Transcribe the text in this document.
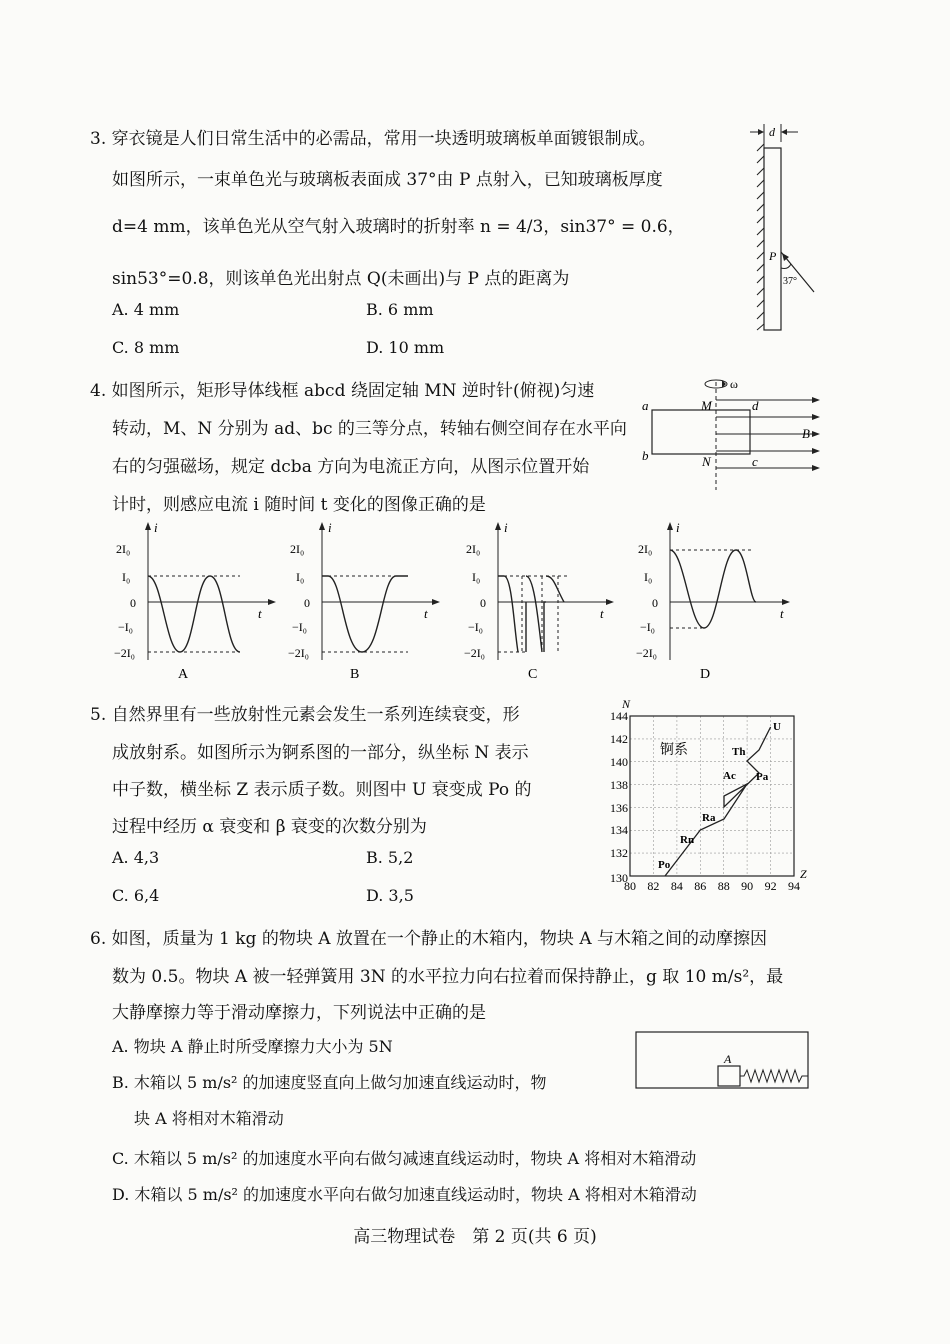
3. 穿衣镜是人们日常生活中的必需品，常用一块透明玻璃板单面镀银制成。
如图所示，一束单色光与玻璃板表面成 37°由 P 点射入，已知玻璃板厚度
d=4 mm，该单色光从空气射入玻璃时的折射率 n = 4/3，sin37° = 0.6，
sin53°=0.8，则该单色光出射点 Q(未画出)与 P 点的距离为
A. 4 mm	B. 6 mm
C. 8 mm	D. 10 mm
d
P
37°
4. 如图所示，矩形导体线框 abcd 绕固定轴 MN 逆时针(俯视)匀速
转动，M、N 分别为 ad、bc 的三等分点，转轴右侧空间存在水平向
右的匀强磁场，规定 dcba 方向为电流正方向，从图示位置开始
计时，则感应电流 i 随时间 t 变化的图像正确的是
ω
a
b	c
d
M
N
B
i
t
2I₀
I₀
0
−I₀
−2I₀
A
i
t
2I₀
I₀
0
−I₀
−2I₀
B
i
t
2I₀
I₀
0
−I₀
−2I₀
C
i
t
2I₀
I₀
0
−I₀
−2I₀
D
5. 自然界里有一些放射性元素会发生一系列连续衰变，形
成放射系。如图所示为锕系图的一部分，纵坐标 N 表示
中子数，横坐标 Z 表示质子数。则图中 U 衰变成 Po 的
过程中经历 α 衰变和 β 衰变的次数分别为
A. 4,3	B. 5,2
C. 6,4	D. 3,5
N
Z
144
142
140
138
136
134
132
130
80 82 84 86 88 90 92 94
锕系
U
Th
Pa
Ac
Ra
Rn
Po
6. 如图，质量为 1 kg 的物块 A 放置在一个静止的木箱内，物块 A 与木箱之间的动摩擦因
数为 0.5。物块 A 被一轻弹簧用 3N 的水平拉力向右拉着而保持静止，g 取 10 m/s²，最
大静摩擦力等于滑动摩擦力，下列说法中正确的是
A. 物块 A 静止时所受摩擦力大小为 5N
B. 木箱以 5 m/s² 的加速度竖直向上做匀加速直线运动时，物
块 A 将相对木箱滑动
C. 木箱以 5 m/s² 的加速度水平向右做匀减速直线运动时，物块 A 将相对木箱滑动
D. 木箱以 5 m/s² 的加速度水平向右做匀加速直线运动时，物块 A 将相对木箱滑动
A
高三物理试卷　第 2 页(共 6 页)
